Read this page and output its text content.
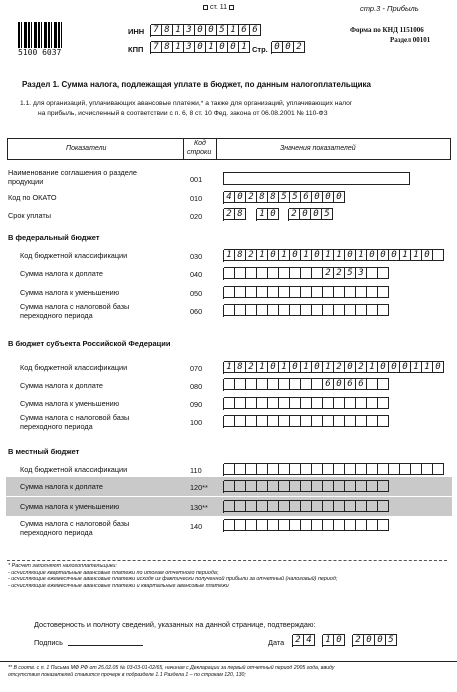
ст. 11	стр.3 - Прибыль
5100 6037
ИНН 7 8 1 3 0 0 5 1 6 6
КПП 7 8 1 3 0 1 0 0 1 Стр. 0 0 2
Форма по КНД 1151006
Раздел 00101
Раздел 1. Сумма налога, подлежащая уплате в бюджет, по данным налогоплательщика
1.1. для организаций, уплачивающих авансовые платежи,* а также для организаций, уплачивающих налог
на прибыль, исчисленный в соответствии с п. 6, 8 ст. 10 Фед. закона от 06.08.2001 № 110-ФЗ
Показатели
Код
строки
Значения показателей
Наименование соглашения о разделе
продукции	001
Код по ОКАТО	010	4 0 2 8 8 5 5 6 0 0 0
Срок уплаты	020	2 8	1 0	2 0 0 5
В федеральный бюджет
Код бюджетной классификации	030	1 8 2 1 0 1 0 1 0 1 1 0 1 0 0 0 1 1 0
Сумма налога к доплате	040	2 2 5 3
Сумма налога к уменьшению	050
Сумма налога с налоговой базы
переходного периода	060
В бюджет субъекта Российской Федерации
Код бюджетной классификации	070	1 8 2 1 0 1 0 1 0 1 2 0 2 1 0 0 0 1 1 0
Сумма налога к доплате	080	6 0 6 6
Сумма налога к уменьшению	090
Сумма налога с налоговой базы
переходного периода	100
В местный бюджет
Код бюджетной классификации	110
Сумма налога к доплате	120**
Сумма налога к уменьшению	130**
Сумма налога с налоговой базы
переходного периода
140
* Расчет заполняют налогоплательщики:
- исчисляющие квартальные авансовые платежи по итогам отчетного периода;
- исчисляющие ежемесячные авансовые платежи исходя из фактически полученной прибыли за отчетный (налоговый) период;
- исчисляющие ежемесячные авансовые платежи и квартальные авансовые платежи
Достоверность и полноту сведений, указанных на данной странице, подтверждаю:
Подпись	Дата 2 4	1 0	2 0 0 5
** В соотв. с п. 1 Письма МФ РФ от 25.02.05 № 03-03-01-02/65, начиная с Декларации за первый отчетный период 2005 года, ввиду
отсутствия показателей ставится прочерк в подразделе 1.1 Раздела 1 – по строкам 120, 130;
